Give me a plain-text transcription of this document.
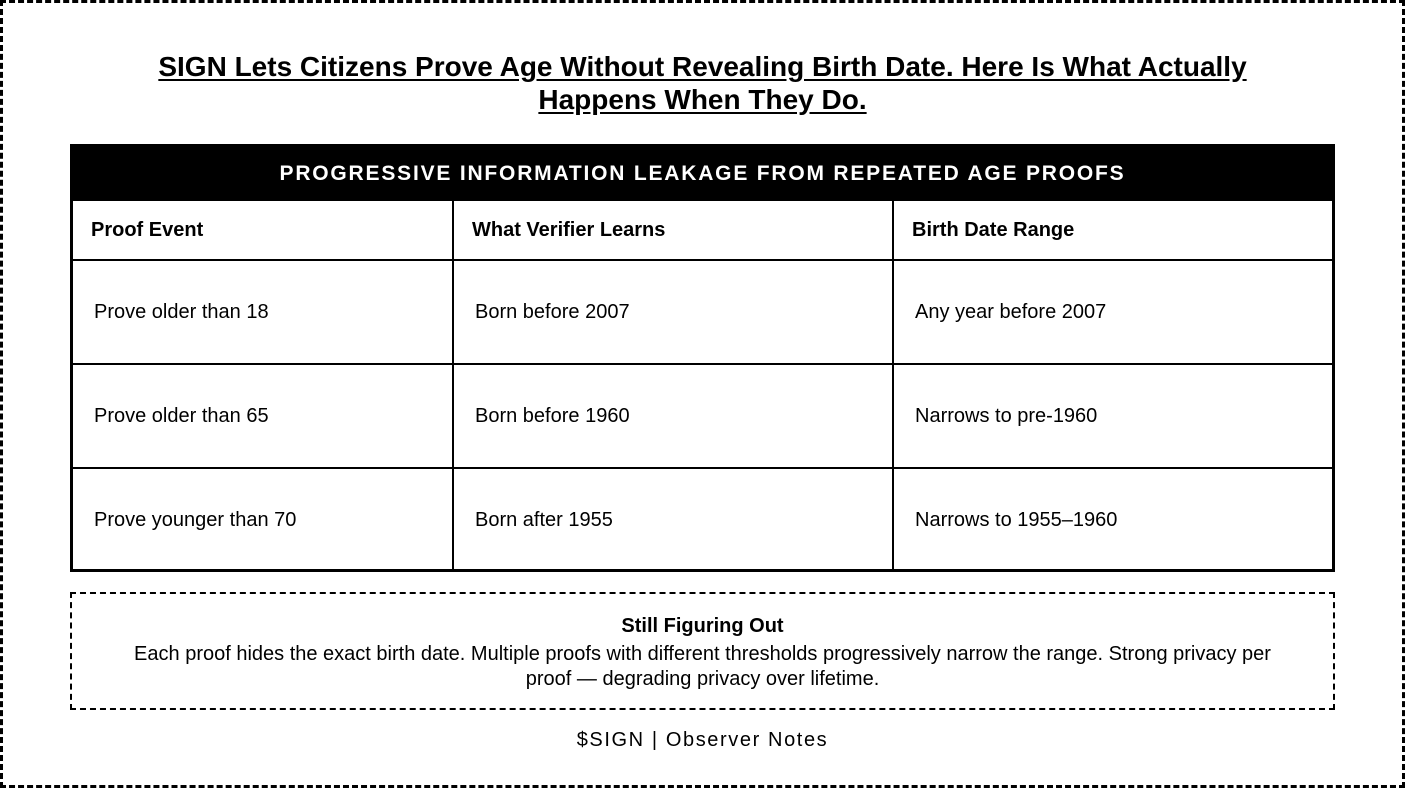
SIGN Lets Citizens Prove Age Without Revealing Birth Date. Here Is What Actually Happens When They Do.
PROGRESSIVE INFORMATION LEAKAGE FROM REPEATED AGE PROOFS
Proof Event	What Verifier Learns	Birth Date Range
Prove older than 18	Born before 2007	Any year before 2007
Prove older than 65	Born before 1960	Narrows to pre-1960
Prove younger than 70	Born after 1955	Narrows to 1955–1960
Still Figuring Out
Each proof hides the exact birth date. Multiple proofs with different thresholds progressively narrow the range. Strong privacy per proof — degrading privacy over lifetime.
$SIGN | Observer Notes
